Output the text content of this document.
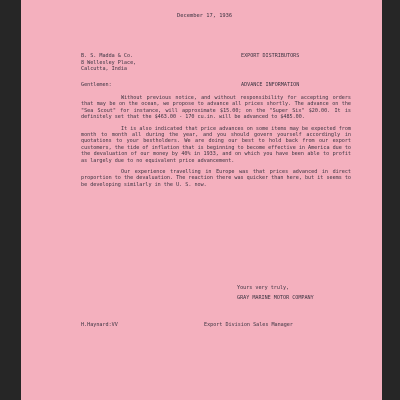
December 17, 1936
B. S. Madda & Co.
8 Wellesley Place,
Calcutta, India
EXPORT DISTRIBUTORS
Gentlemen:	ADVANCE INFORMATION

Without previous notice, and without responsibility for accepting orders that may be on the ocean, we propose to advance all prices shortly. The advance on the "Sea Scout" for instance, will approximate $15.00; on the "Super Six" $20.00. It is definitely set that the $463.00 - 170 cu.in. will be advanced to $485.00.

It is also indicated that price advances on some items may be expected from month to month all during the year, and you should govern yourself accordingly in quotations to your bestholders. We are doing our best to hold back from our export customers, the tide of inflation that is beginning to become effective in America due to the devaluation of our money by 40% in 1933, and on which you have been able to profit as largely due to no equivalent price advancement.

Our experience travelling in Europe was that prices advanced in direct proportion to the devaluation. The reaction there was quicker than here, but it seems to be developing similarly in the U. S. now.

Yours very truly,
GRAY MARINE MOTOR COMPANY
H.Haynard:VV	Export Division Sales Manager
